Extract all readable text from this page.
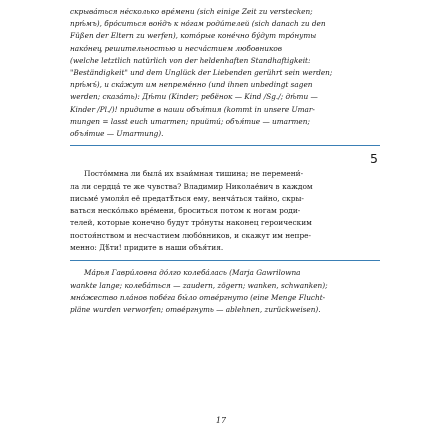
скрывáться нéсколько врéмени (sich einige Zeit zu verstecken;
прѣ́мъ), бро́ситься вон́дъ к но́гам роди́телей (sich danach zu den
Füßen der Eltern zu werfen), кото́рые коне́чно бу́дут тро́нуты
нако́нец̧ решительностью и несча́стием люб́овников
(welche letztlich natürlich von der heldenhaften Standhaftigkeit:
"Beständigkeit" und dem Unglück der Liebenden gerührt sein werden;
прѣ́мъ́), и ска́жут им непреме́нно (und ihnen unbedingt sagen
werden; сказа́ть): Дѣ́ти (Kinder; ребёнок — Kind /Sg./; дѣ́ти —
Kinder /Pl./)! придите в наши объя́тия (kommt in unsere Umar-
mungen = lasst euch umarmen; прийти́; объя́тие — umarmen;
объя́тие — Umarmung).
5
Посто́ммна ли была́ их взаи́мная тишина; не перемени́-
ла ли сердца́ те же чувства? Владимир Николае́вич в каждом
письме́ умоля́л её предатѣ́ться ему, венча́ться тайно, скры-
ваться неско́лько врéмени, броситься потом к ногам роди-
телей, которые конечно будут тро́нуты наконец героическим
постоя́нством и несчастием любо́вников, и скажут им непре-
менно: Дѣ́ти! придите в наши объя́тия.
Ма́рья Гаври́ловна до́лго колеба́лась (Marja Gawrilowna
wankte lange; колеба́ться — zaudern, zögern; wanken, schwanken);
мно́жество пла́нов побе́га бы́ло отве́ргнуто (eine Menge Flucht-
pläne wurden verworfen; отве́ргнуть — ablehnen, zurückweisen).
17
